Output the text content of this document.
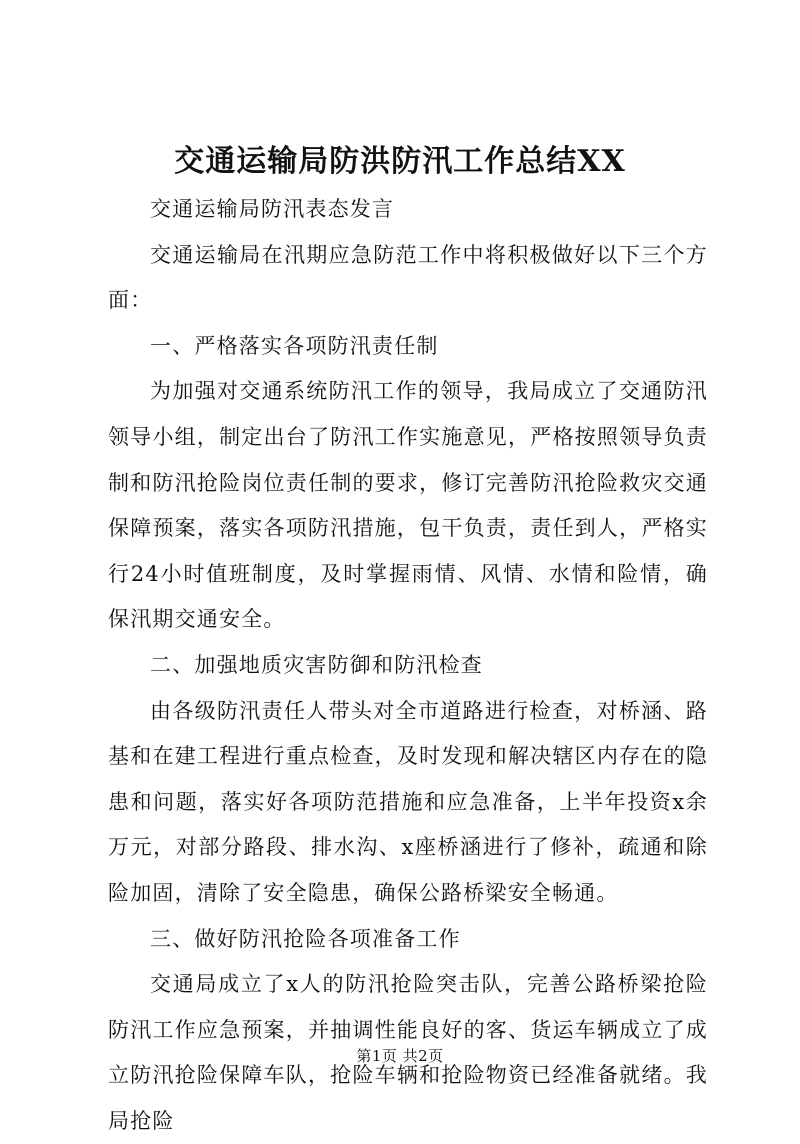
交通运输局防洪防汛工作总结XX

交通运输局防汛表态发言

交通运输局在汛期应急防范工作中将积极做好以下三个方面：

一、严格落实各项防汛责任制

为加强对交通系统防汛工作的领导，我局成立了交通防汛领导小组，制定出台了防汛工作实施意见，严格按照领导负责制和防汛抢险岗位责任制的要求，修订完善防汛抢险救灾交通保障预案，落实各项防汛措施，包干负责，责任到人，严格实行24小时值班制度，及时掌握雨情、风情、水情和险情，确保汛期交通安全。

二、加强地质灾害防御和防汛检查

由各级防汛责任人带头对全市道路进行检查，对桥涵、路基和在建工程进行重点检查，及时发现和解决辖区内存在的隐患和问题，落实好各项防范措施和应急准备，上半年投资x余万元，对部分路段、排水沟、x座桥涵进行了修补，疏通和除险加固，清除了安全隐患，确保公路桥梁安全畅通。

三、做好防汛抢险各项准备工作

交通局成立了x人的防汛抢险突击队，完善公路桥梁抢险防汛工作应急预案，并抽调性能良好的客、货运车辆成立了成立防汛抢险保障车队，抢险车辆和抢险物资已经准备就绪。我局抢险

第1页 共2页
